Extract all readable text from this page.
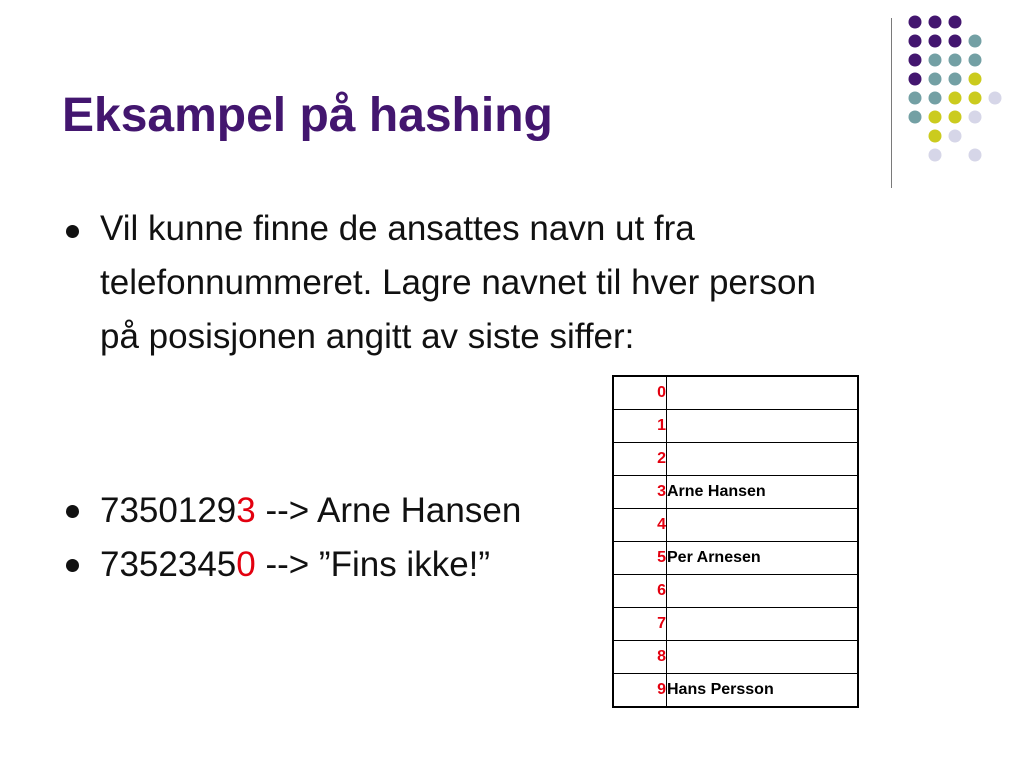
Eksampel på hashing
Vil kunne finne de ansattes navn ut fra telefonnummeret. Lagre navnet til hver person på posisjonen angitt av siste siffer:
73501293 --> Arne Hansen
73523450 --> ”Fins ikke!”
0	
1	
2	
3	Arne Hansen
4	
5	Per Arnesen
6	
7	
8	
9	Hans Persson
